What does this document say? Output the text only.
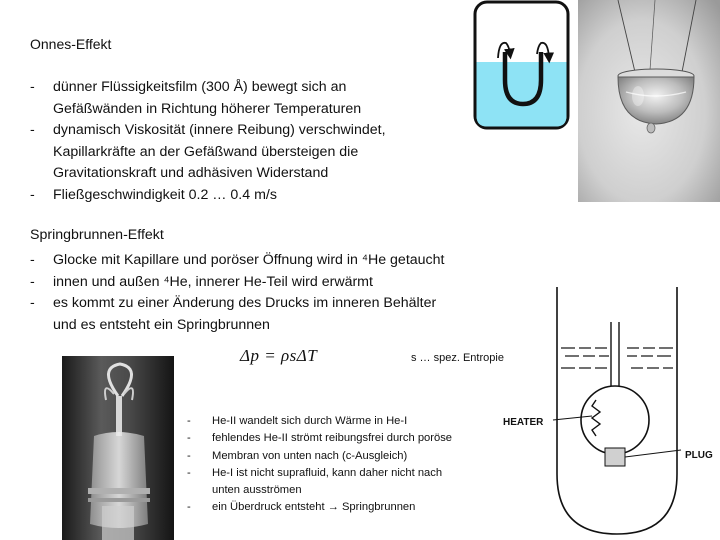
Onnes-Effekt
-	dünner Flüssigkeitsfilm (300 Å) bewegt sich an
Gefäßwänden in Richtung höherer Temperaturen
-	dynamisch Viskosität (innere Reibung) verschwindet,
Kapillarkräfte an der Gefäßwand übersteigen die
Gravitationskraft und adhäsiven Widerstand
-	Fließgeschwindigkeit 0.2 … 0.4 m/s
Springbrunnen-Effekt
-	Glocke mit Kapillare und poröser Öffnung wird in ⁴He getaucht
-	innen und außen ⁴He, innerer He-Teil wird erwärmt
-	es kommt zu einer Änderung des Drucks im inneren Behälter
und es entsteht ein Springbrunnen
Δp = ρsΔT	s … spez. Entropie
-	He-II wandelt sich durch Wärme in He-I
-	fehlendes He-II strömt reibungsfrei durch poröse
-	Membran von unten nach (c-Ausgleich)
-	He-I ist nicht suprafluid, kann daher nicht nach
unten ausströmen
-	ein Überdruck entsteht → Springbrunnen
HEATER
PLUG
